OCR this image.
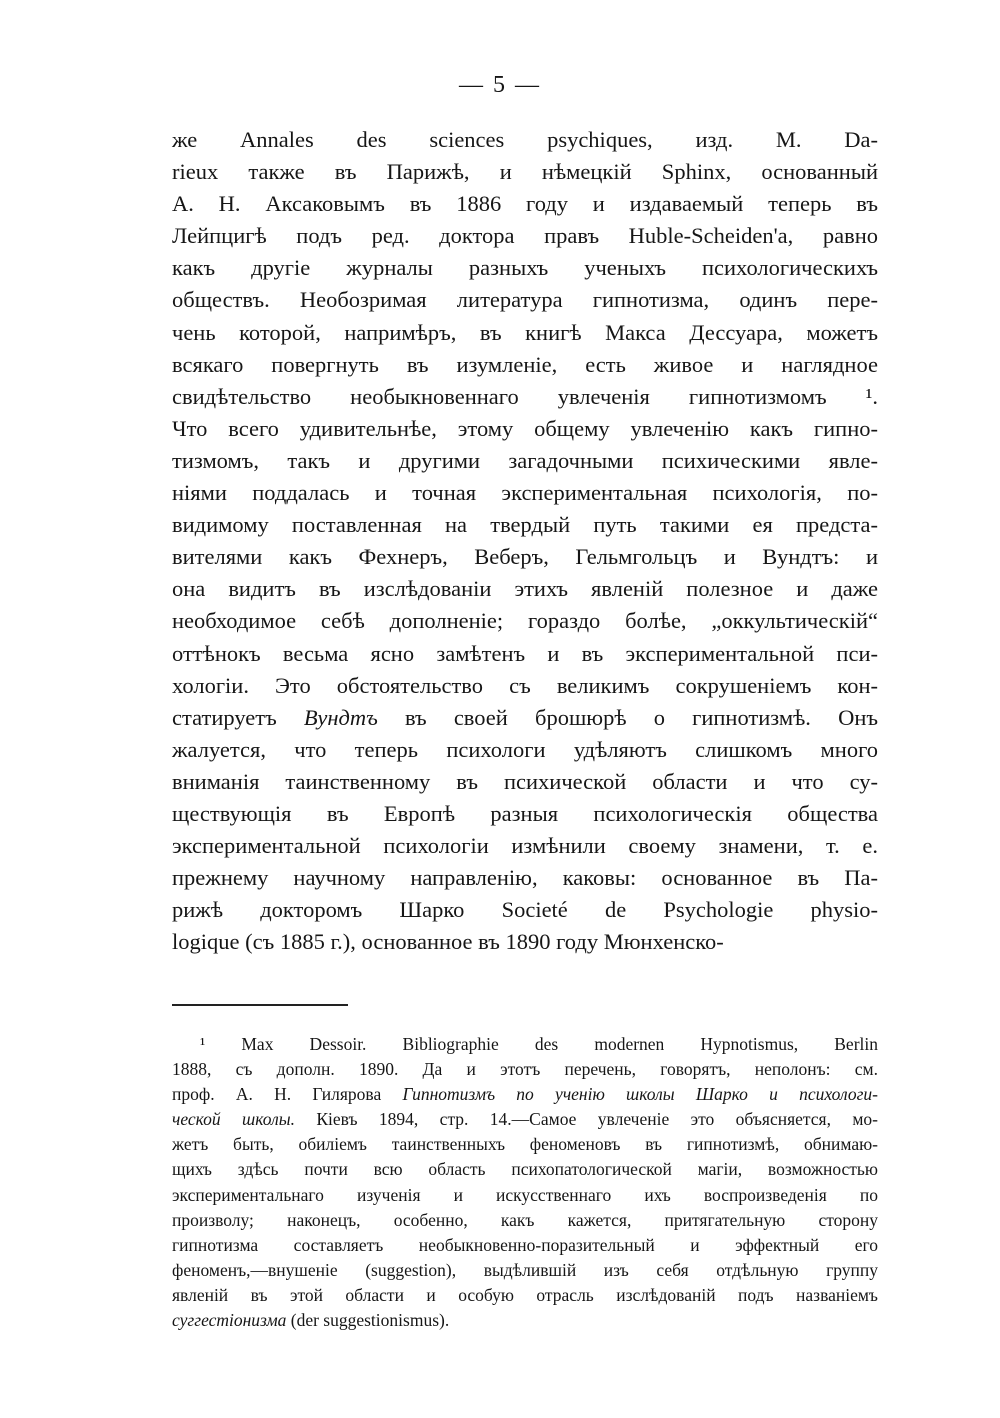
— 5 —
же Annales des sciences psychiques, изд. M. Da-
rieux также въ Парижѣ, и нѣмецкій Sphinx, основанный
А. Н. Аксаковымъ въ 1886 году и издаваемый теперь въ
Лейпцигѣ подъ ред. доктора правъ Huble-Scheiden'a, равно
какъ другіе журналы разныхъ ученыхъ психологическихъ
обществъ. Необозримая литература гипнотизма, одинъ пере-
чень которой, напримѣръ, въ книгѣ Макса Дессуара, можетъ
всякаго повергнуть въ изумленіе, есть живое и наглядное
свидѣтельство необыкновеннаго увлеченія гипнотизмомъ ¹.
Что всего удивительнѣе, этому общему увлеченію какъ гипно-
тизмомъ, такъ и другими загадочными психическими явле-
ніями поддалась и точная экспериментальная психологія, по-
видимому поставленная на твердый путь такими ея предста-
вителями какъ Фехнеръ, Веберъ, Гельмгольцъ и Вундтъ: и
она видитъ въ изслѣдованіи этихъ явленій полезное и даже
необходимое себѣ дополненіе; гораздо болѣе, „оккультическій“
оттѣнокъ весьма ясно замѣтенъ и въ экспериментальной пси-
хологіи. Это обстоятельство съ великимъ сокрушеніемъ кон-
статируетъ Вундтъ въ своей брошюрѣ о гипнотизмѣ. Онъ
жалуется, что теперь психологи удѣляютъ слишкомъ много
вниманія таинственному въ психической области и что су-
ществующія въ Европѣ разныя психологическія общества
экспериментальной психологіи измѣнили своему знамени, т. е.
прежнему научному направленію, каковы: основанное въ Па-
рижѣ докторомъ Шарко Societé de Psychologie physio-
logique (съ 1885 г.), основанное въ 1890 году Мюнхенско-
¹ Max Dessoir. Bibliographie des modernen Hypnotismus, Berlin
1888, съ дополн. 1890. Да и этотъ перечень, говорятъ, неполонъ: см.
проф. А. Н. Гилярова Гипнотизмъ по ученію школы Шарко и психологи-
ческой школы. Кіевъ 1894, стр. 14.—Самое увлеченіе это объясняется, мо-
жетъ быть, обиліемъ таинственныхъ феноменовъ въ гипнотизмѣ, обнимаю-
щихъ здѣсь почти всю область психопатологической магіи, возможностью
экспериментальнаго изученія и искусственнаго ихъ воспроизведенія по
произволу; наконецъ, особенно, какъ кажется, притягательную сторону
гипнотизма составляетъ необыкновенно-поразительный и эффектный его
феноменъ,—внушеніе (suggestion), выдѣлившій изъ себя отдѣльную группу
явленій въ этой области и особую отрасль изслѣдованій подъ названіемъ
суггестіонизма (der suggestionismus).
